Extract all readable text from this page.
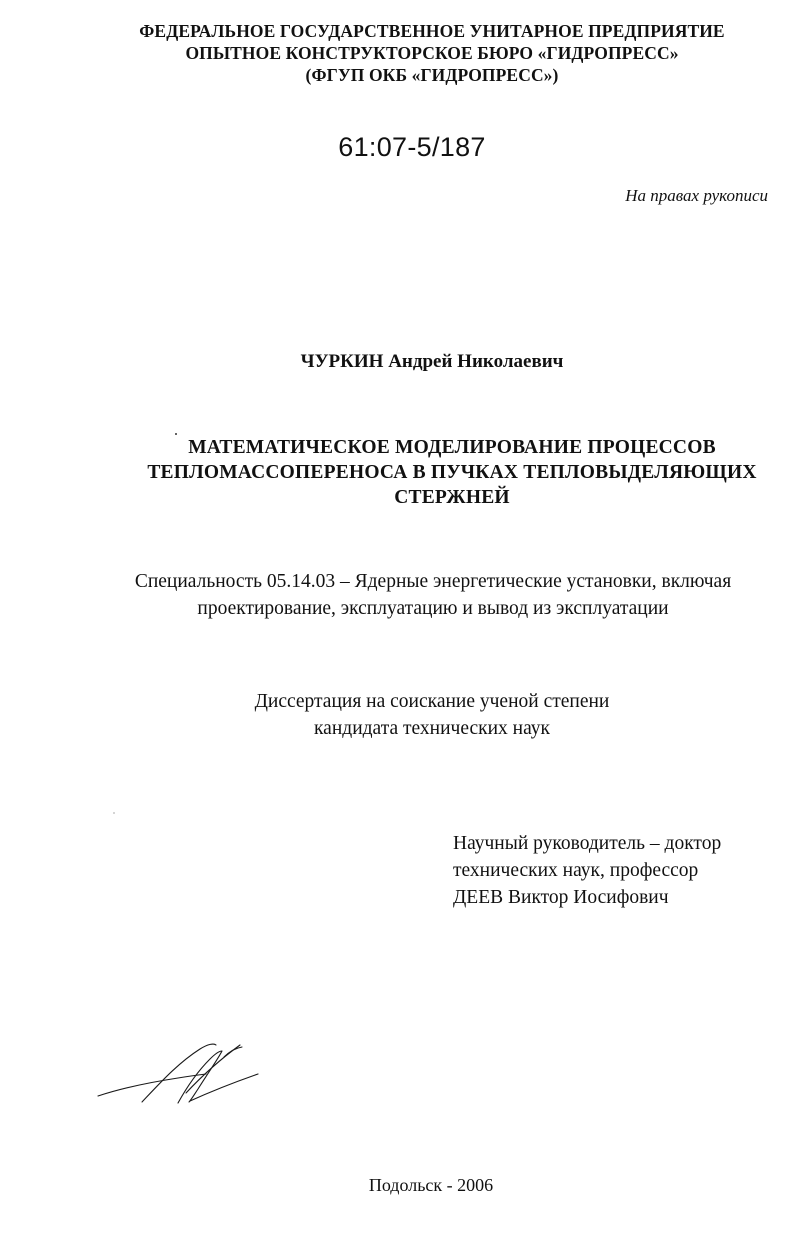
ФЕДЕРАЛЬНОЕ ГОСУДАРСТВЕННОЕ УНИТАРНОЕ ПРЕДПРИЯТИЕ
ОПЫТНОЕ КОНСТРУКТОРСКОЕ БЮРО «ГИДРОПРЕСС»
(ФГУП ОКБ «ГИДРОПРЕСС»)
61:07-5/187
На правах рукописи
ЧУРКИН Андрей Николаевич
МАТЕМАТИЧЕСКОЕ МОДЕЛИРОВАНИЕ ПРОЦЕССОВ
ТЕПЛОМАССОПЕРЕНОСА В ПУЧКАХ ТЕПЛОВЫДЕЛЯЮЩИХ
СТЕРЖНЕЙ
Специальность 05.14.03 – Ядерные энергетические установки, включая
проектирование, эксплуатацию и вывод из эксплуатации
Диссертация на соискание ученой степени
кандидата технических наук
Научный руководитель – доктор
технических наук, профессор
ДЕЕВ Виктор Иосифович
Подольск - 2006
